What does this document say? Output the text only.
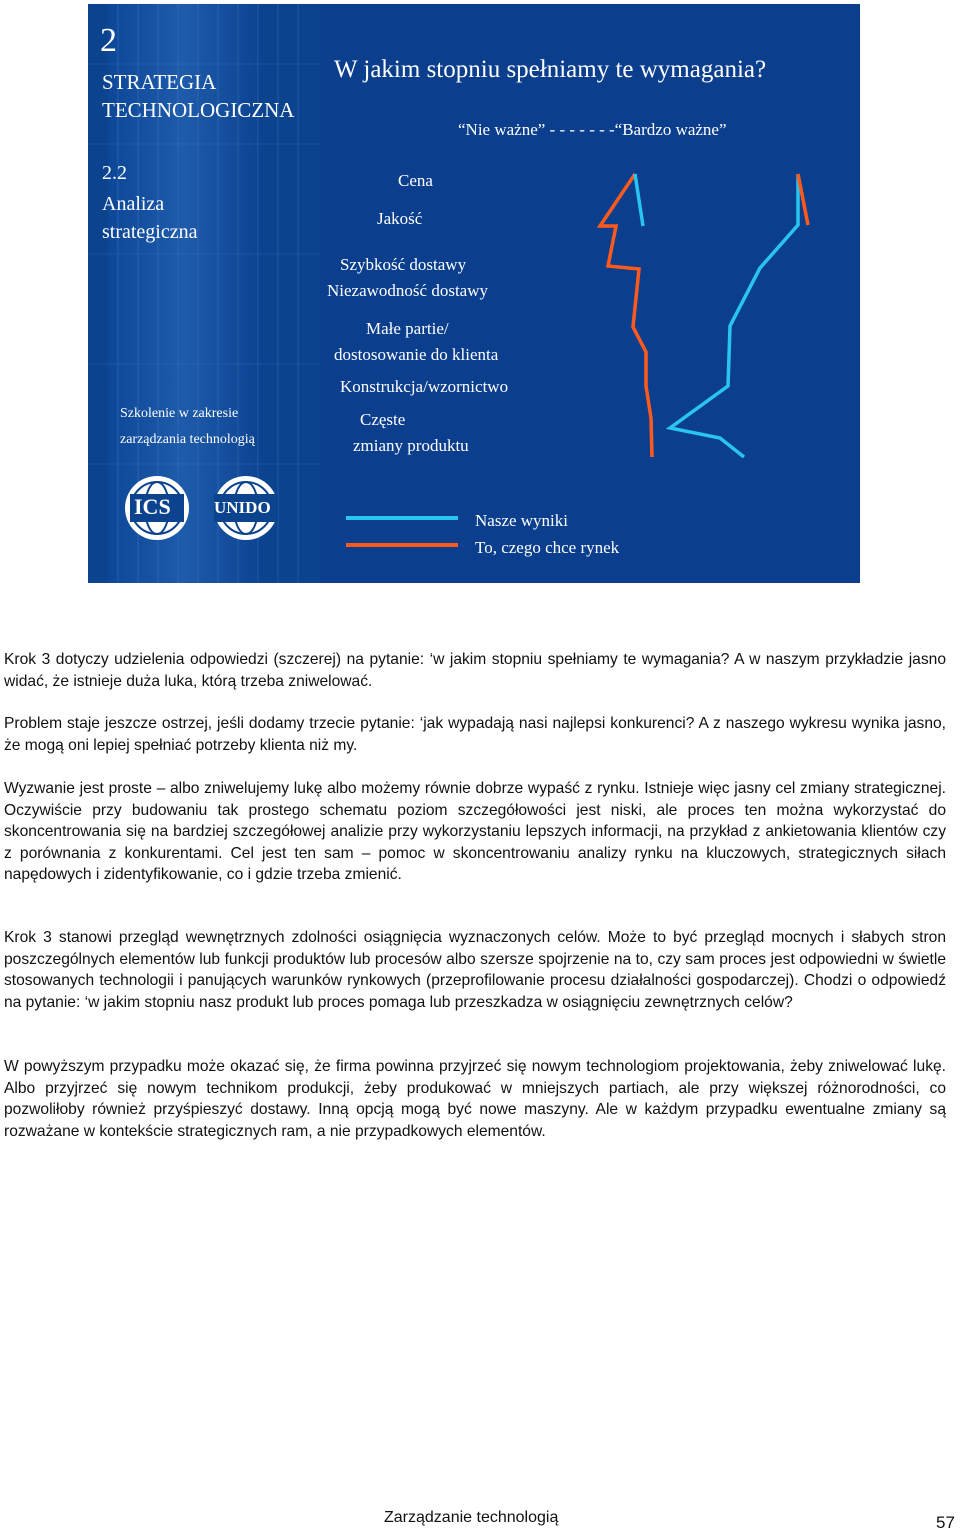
2
STRATEGIA
TECHNOLOGICZNA
2.2
Analiza
strategiczna
Szkolenie w zakresie
zarządzania technologią
ICS	UNIDO
W jakim stopniu spełniamy te wymagania?
“Nie ważne” - - - - - - -“Bardzo ważne”
Cena
Jakość
Szybkość dostawy
Niezawodność dostawy
Małe partie/
dostosowanie do klienta
Konstrukcja/wzornictwo
Częste
zmiany produktu
Nasze wyniki
To, czego chce rynek

Krok 3 dotyczy udzielenia odpowiedzi (szczerej) na pytanie: ‘w jakim stopniu spełniamy te wymagania? A w naszym przykładzie jasno widać, że istnieje duża luka, którą trzeba zniwelować.

Problem staje jeszcze ostrzej, jeśli dodamy trzecie pytanie: ‘jak wypadają nasi najlepsi konkurenci? A z naszego wykresu wynika jasno, że mogą oni lepiej spełniać potrzeby klienta niż my.

Wyzwanie jest proste – albo zniwelujemy lukę albo możemy równie dobrze wypaść z rynku. Istnieje więc jasny cel zmiany strategicznej. Oczywiście przy budowaniu tak prostego schematu poziom szczegółowości jest niski, ale proces ten można wykorzystać do skoncentrowania się na bardziej szczegółowej analizie przy wykorzystaniu lepszych informacji, na przykład z ankietowania klientów czy z porównania z konkurentami. Cel jest ten sam – pomoc w skoncentrowaniu analizy rynku na kluczowych, strategicznych siłach napędowych i zidentyfikowanie, co i gdzie trzeba zmienić.

Krok 3 stanowi przegląd wewnętrznych zdolności osiągnięcia wyznaczonych celów. Może to być przegląd mocnych i słabych stron poszczególnych elementów lub funkcji produktów lub procesów albo szersze spojrzenie na to, czy sam proces jest odpowiedni w świetle stosowanych technologii i panujących warunków rynkowych (przeprofilowanie procesu działalności gospodarczej). Chodzi o odpowiedź na pytanie: ‘w jakim stopniu nasz produkt lub proces pomaga lub przeszkadza w osiągnięciu zewnętrznych celów?

W powyższym przypadku może okazać się, że firma powinna przyjrzeć się nowym technologiom projektowania, żeby zniwelować lukę. Albo przyjrzeć się nowym technikom produkcji, żeby produkować w mniejszych partiach, ale przy większej różnorodności, co pozwoliłoby również przyśpieszyć dostawy. Inną opcją mogą być nowe maszyny. Ale w każdym przypadku ewentualne zmiany są rozważane w kontekście strategicznych ram, a nie przypadkowych elementów.

Zarządzanie technologią	57
